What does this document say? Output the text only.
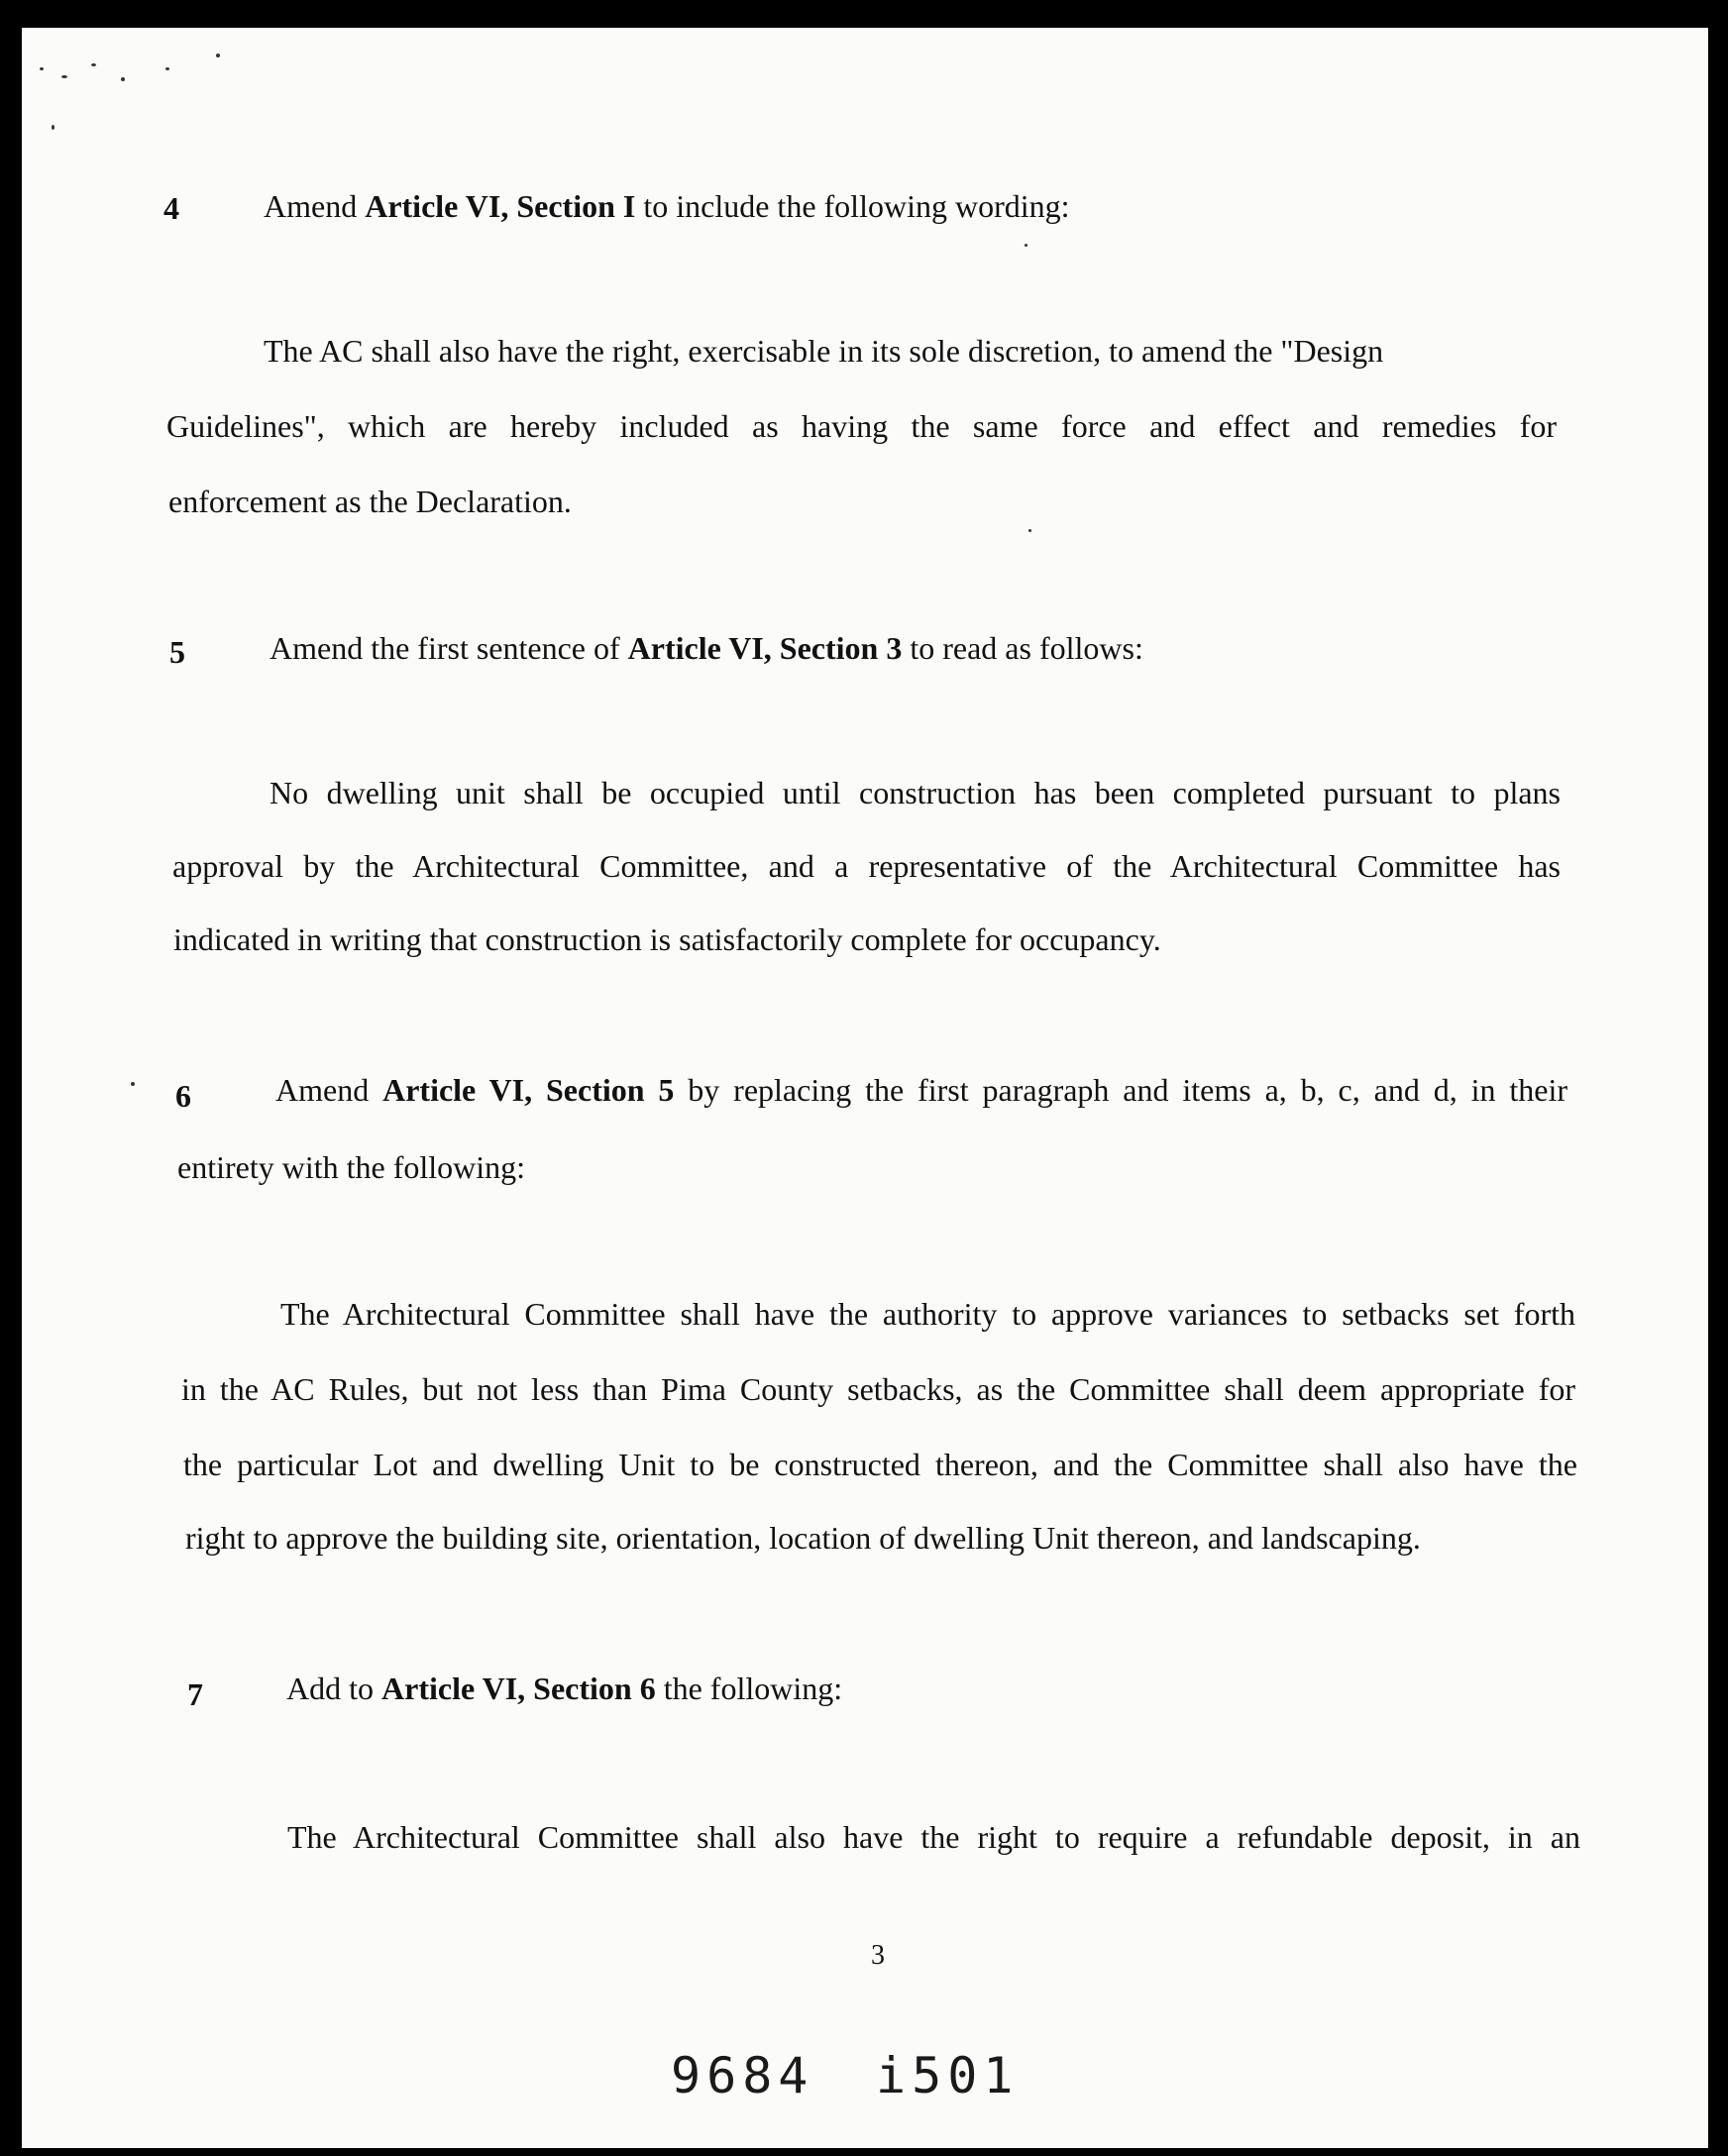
4	Amend Article VI, Section I to include the following wording:
The AC shall also have the right, exercisable in its sole discretion, to amend the "Design
Guidelines", which are hereby included as having the same force and effect and remedies for
enforcement as the Declaration.
5	Amend the first sentence of Article VI, Section 3 to read as follows:
No dwelling unit shall be occupied until construction has been completed pursuant to plans
approval by the Architectural Committee, and a representative of the Architectural Committee has
indicated in writing that construction is satisfactorily complete for occupancy.
6	Amend Article VI, Section 5 by replacing the first paragraph and items a, b, c, and d, in their
entirety with the following:
The Architectural Committee shall have the authority to approve variances to setbacks set forth
in the AC Rules, but not less than Pima County setbacks, as the Committee shall deem appropriate for
the particular Lot and dwelling Unit to be constructed thereon, and the Committee shall also have the
right to approve the building site, orientation, location of dwelling Unit thereon, and landscaping.
7	Add to Article VI, Section 6 the following:
The Architectural Committee shall also have the right to require a refundable deposit, in an
3
9684 i501
